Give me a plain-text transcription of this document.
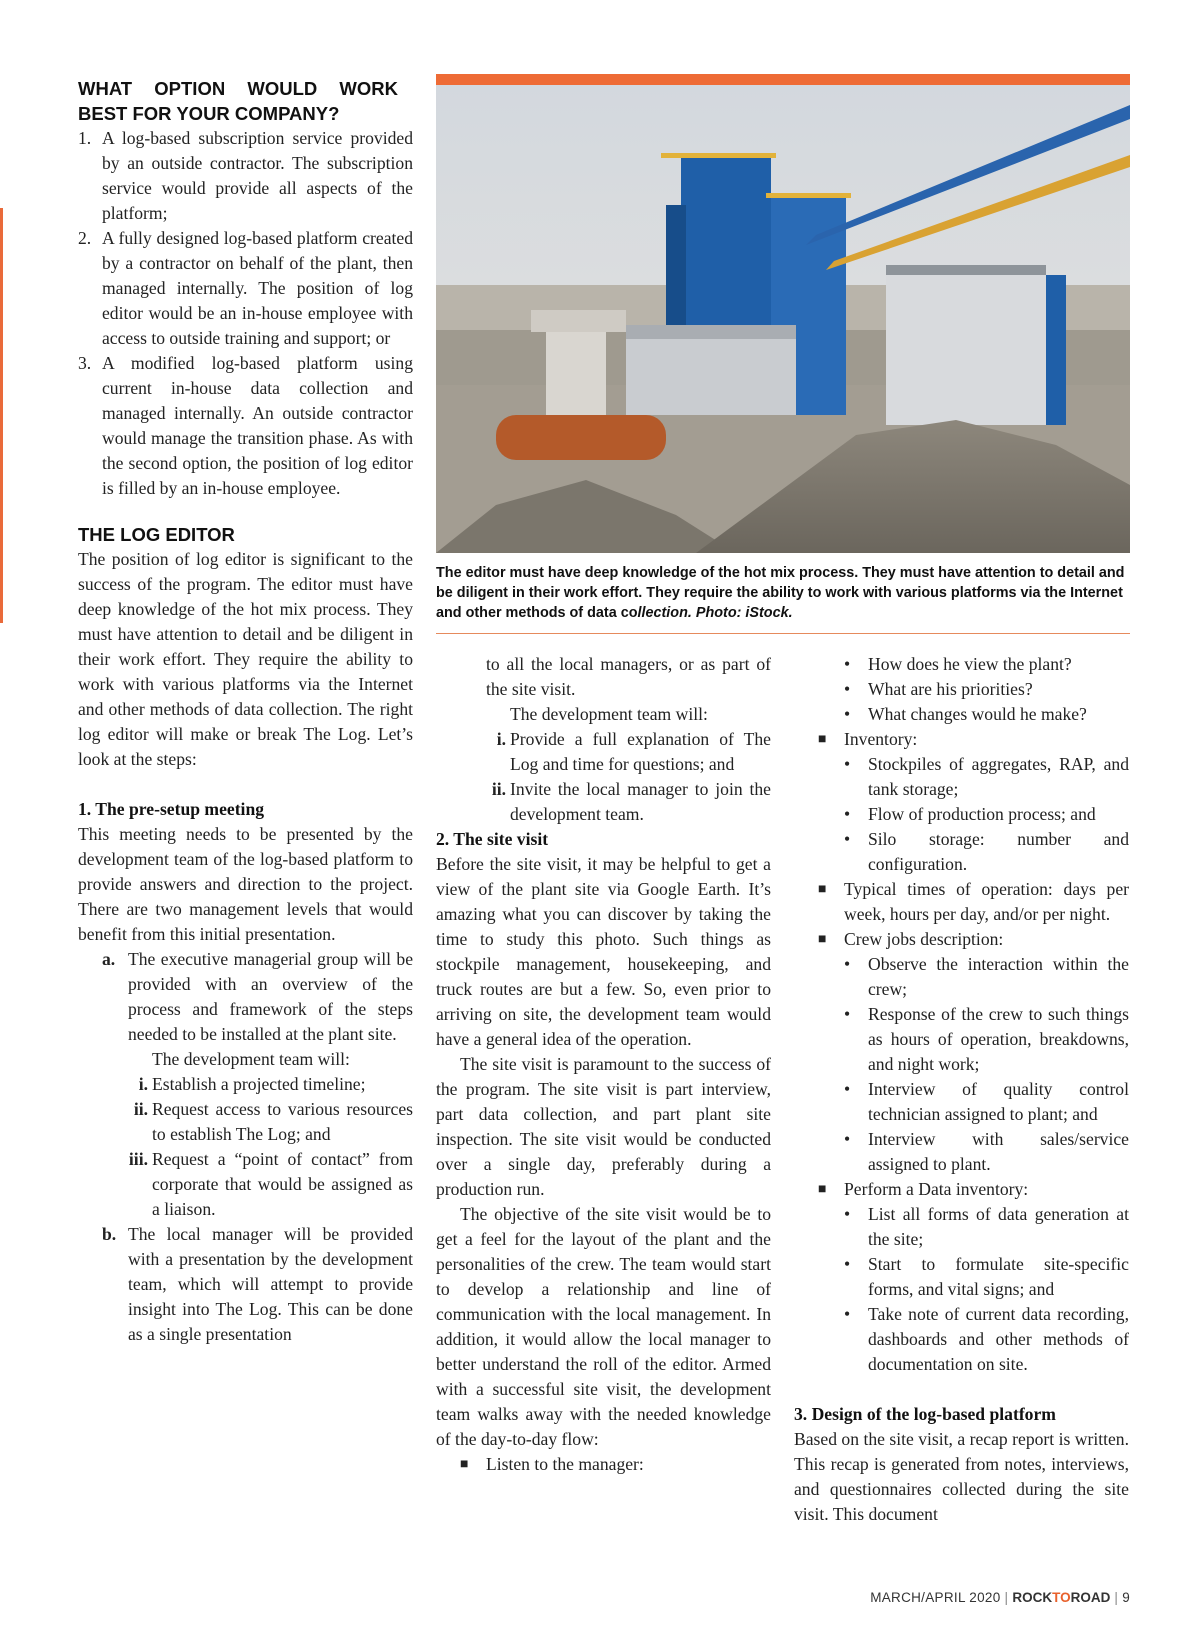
WHAT OPTION WOULD WORK BEST FOR YOUR COMPANY?
1. A log-based subscription service provided by an outside contractor. The subscription service would provide all aspects of the platform;
2. A fully designed log-based platform created by a contractor on behalf of the plant, then managed internally. The position of log editor would be an in-house employee with access to outside training and support; or
3. A modified log-based platform using current in-house data collection and managed internally. An outside contractor would manage the transition phase. As with the second option, the position of log editor is filled by an in-house employee.
THE LOG EDITOR

The position of log editor is significant to the success of the program. The editor must have deep knowledge of the hot mix process. They must have attention to detail and be diligent in their work effort. They require the ability to work with various platforms via the Internet and other methods of data collection. The right log editor will make or break The Log. Let’s look at the steps:

1. The pre-setup meeting

This meeting needs to be presented by the development team of the log-based platform to provide answers and direction to the project. There are two management levels that would benefit from this initial presentation.

a. The executive managerial group will be provided with an overview of the process and framework of the steps needed to be installed at the plant site.

The development team will:

i. Establish a projected timeline;
ii. Request access to various resources to establish The Log; and
iii. Request a “point of contact” from corporate that would be assigned as a liaison.
b. The local manager will be provided with a presentation by the development team, which will attempt to provide insight into The Log. This can be done as a single presentation
The editor must have deep knowledge of the hot mix process. They must have attention to detail and be diligent in their work effort. They require the ability to work with various platforms via the Internet and other methods of data collection. Photo: iStock.

to all the local managers, or as part of the site visit.

The development team will:

i. Provide a full explanation of The Log and time for questions; and
ii. Invite the local manager to join the development team.

2. The site visit

Before the site visit, it may be helpful to get a view of the plant site via Google Earth. It’s amazing what you can discover by taking the time to study this photo. Such things as stockpile management, housekeeping, and truck routes are but a few. So, even prior to arriving on site, the development team would have a general idea of the operation.

The site visit is paramount to the success of the program. The site visit is part interview, part data collection, and part plant site inspection. The site visit would be conducted over a single day, preferably during a production run.

The objective of the site visit would be to get a feel for the layout of the plant and the personalities of the crew. The team would start to develop a relationship and line of communication with the local management. In addition, it would allow the local manager to better understand the roll of the editor. Armed with a successful site visit, the development team walks away with the needed knowledge of the day-to-day flow:

■ Listen to the manager:
• How does he view the plant?
• What are his priorities?
• What changes would he make?
■ Inventory:
• Stockpiles of aggregates, RAP, and tank storage;
• Flow of production process; and
• Silo storage: number and configuration.
■ Typical times of operation: days per week, hours per day, and/or per night.
■ Crew jobs description:
• Observe the interaction within the crew;
• Response of the crew to such things as hours of operation, breakdowns, and night work;
• Interview of quality control technician assigned to plant; and
• Interview with sales/service assigned to plant.
■ Perform a Data inventory:
• List all forms of data generation at the site;
• Start to formulate site-specific forms, and vital signs; and
• Take note of current data recording, dashboards and other methods of documentation on site.

3. Design of the log-based platform

Based on the site visit, a recap report is written. This recap is generated from notes, interviews, and questionnaires collected during the site visit. This document

MARCH/APRIL 2020 | ROCKTOROAD | 9
